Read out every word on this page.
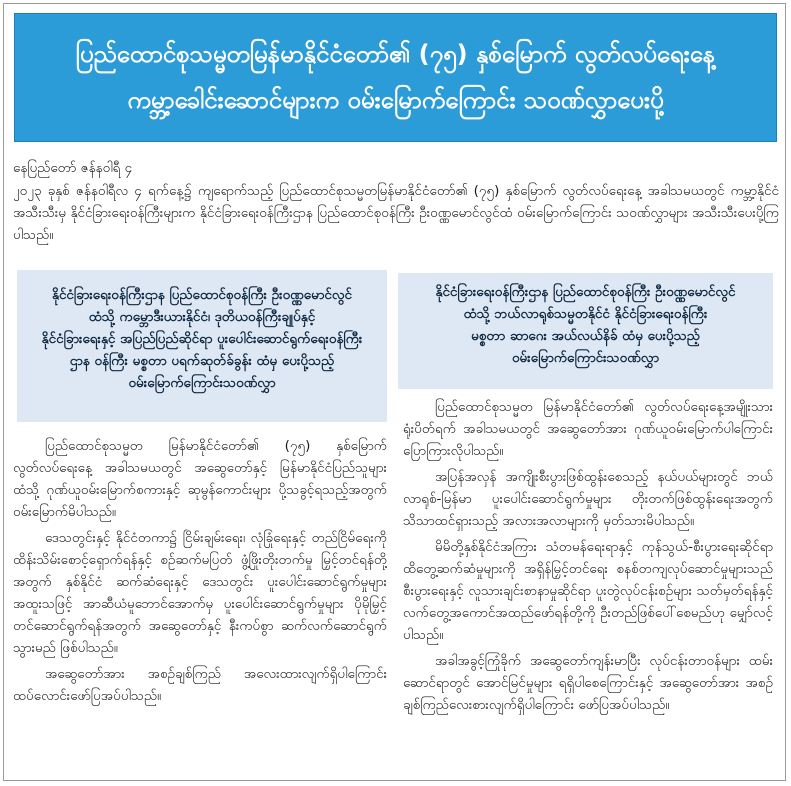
ပြည်ထောင်စုသမ္မတမြန်မာနိုင်ငံတော်၏ (၇၅) နှစ်မြောက် လွတ်လပ်ရေးနေ့
ကမ္ဘာ့ခေါင်းဆောင်များက ဝမ်းမြောက်ကြောင်း သဝဏ်လွှာပေးပို့
နေပြည်တော် ဇန်နဝါရီ ၄
၂၀၂၃ ခုနှစ် ဇန်နဝါရီလ ၄ ရက်နေ့၌ ကျရောက်သည့် ပြည်ထောင်စုသမ္မတမြန်မာနိုင်ငံတော်၏ (၇၅) နှစ်မြောက် လွတ်လပ်ရေးနေ့ အခါသမယတွင် ကမ္ဘာ့နိုင်ငံအသီးသီးမှ နိုင်ငံခြားရေးဝန်ကြီးများက နိုင်ငံခြားရေးဝန်ကြီးဌာန ပြည်ထောင်စုဝန်ကြီး ဦးဝဏ္ဏမောင်လွင်ထံ ဝမ်းမြောက်ကြောင်း သဝဏ်လွှာများ အသီးသီးပေးပို့ကြပါသည်။
နိုင်ငံခြားရေးဝန်ကြီးဌာန ပြည်ထောင်စုဝန်ကြီး ဦးဝဏ္ဏမောင်လွင်
ထံသို့ ကမ္ဘောဒီးယားနိုင်ငံ၊ ဒုတိယဝန်ကြီးချုပ်နှင့်
နိုင်ငံခြားရေးနှင့် အပြည်ပြည်ဆိုင်ရာ ပူးပေါင်းဆောင်ရွက်ရေးဝန်ကြီး
ဌာန ဝန်ကြီး မစ္စတာ ပရက်ဆုတ်ခ်ခွန်း ထံမှ ပေးပို့သည့်
ဝမ်းမြောက်ကြောင်းသဝဏ်လွှာ
နိုင်ငံခြားရေးဝန်ကြီးဌာန ပြည်ထောင်စုဝန်ကြီး ဦးဝဏ္ဏမောင်လွင်
ထံသို့ ဘယ်လာရုစ်သမ္မတနိုင်ငံ နိုင်ငံခြားရေးဝန်ကြီး
မစ္စတာ ဆာဂေး အယ်လယ်နိခ် ထံမှ ပေးပို့သည့်
ဝမ်းမြောက်ကြောင်းသဝဏ်လွှာ

ပြည်ထောင်စုသမ္မတ မြန်မာနိုင်ငံတော်၏ (၇၅) နှစ်မြောက် လွတ်လပ်ရေးနေ့ အခါသမယတွင် အဆွေတော်နှင့် မြန်မာနိုင်ငံပြည်သူများထံသို့ ဂုဏ်ယူဝမ်းမြောက်စကားနှင့် ဆုမွန်ကောင်းများ ပို့သခွင့်ရသည့်အတွက် ဝမ်းမြောက်မိပါသည်။

ဒေသတွင်းနှင့် နိုင်ငံတကာ၌ ငြိမ်းချမ်းရေး၊ လုံခြုံရေးနှင့် တည်ငြိမ်ရေးကို ထိန်းသိမ်းစောင့်ရှောက်ရန်နှင့် စဉ်ဆက်မပြတ် ဖွံ့ဖြိုးတိုးတက်မှု မြှင့်တင်ရန်တို့အတွက် နှစ်နိုင်ငံ ဆက်ဆံရေးနှင့် ဒေသတွင်း ပူးပေါင်းဆောင်ရွက်မှုများ အထူးသဖြင့် အာဆီယံမူဘောင်အောက်မှ ပူးပေါင်းဆောင်ရွက်မှုများ ပိုမိုမြှင့်တင်ဆောင်ရွက်ရန်အတွက် အဆွေတော်နှင့် နီးကပ်စွာ ဆက်လက်ဆောင်ရွက်သွားမည် ဖြစ်ပါသည်။

အဆွေတော်အား အစဉ်ချစ်ကြည် အလေးထားလျက်ရှိပါကြောင်း ထပ်လောင်းဖော်ပြအပ်ပါသည်။

ပြည်ထောင်စုသမ္မတ မြန်မာနိုင်ငံတော်၏ လွတ်လပ်ရေးနေ့အမျိုးသားရုံးပိတ်ရက် အခါသမယတွင် အဆွေတော်အား ဂုဏ်ယူဝမ်းမြောက်ပါကြောင်း ပြောကြားလိုပါသည်။

အပြန်အလှန် အကျိုးစီးပွားဖြစ်ထွန်းစေသည့် နယ်ပယ်များတွင် ဘယ်လာရုစ်-မြန်မာ ပူးပေါင်းဆောင်ရွက်မှုများ တိုးတက်ဖြစ်ထွန်းရေးအတွက် သိသာထင်ရှားသည့် အလားအလာများကို မှတ်သားမိပါသည်။

မိမိတို့နှစ်နိုင်ငံအကြား သံတမန်ရေးရာနှင့် ကုန်သွယ်-စီးပွားရေးဆိုင်ရာ ထိတွေ့ဆက်ဆံမှုများကို အရှိန်မြှင့်တင်ရေး စနစ်တကျလုပ်ဆောင်မှုများသည် စီးပွားရေးနှင့် လူသားချင်းစာနာမှုဆိုင်ရာ ပူးတွဲလုပ်ငန်းစဉ်များ သတ်မှတ်ရန်နှင့် လက်တွေ့အကောင်အထည်ဖော်ရန်တို့ကို ဦးတည်ဖြစ်ပေါ်စေမည်ဟု မျှော်လင့်ပါသည်။

အခါအခွင့်ကြုံခိုက် အဆွေတော်ကျန်းမာပြီး လုပ်ငန်းတာဝန်များ ထမ်းဆောင်ရာတွင် အောင်မြင်မှုများ ရရှိပါစေကြောင်းနှင့် အဆွေတော်အား အစဉ်ချစ်ကြည်လေးစားလျက်ရှိပါကြောင်း ဖော်ပြအပ်ပါသည်။
